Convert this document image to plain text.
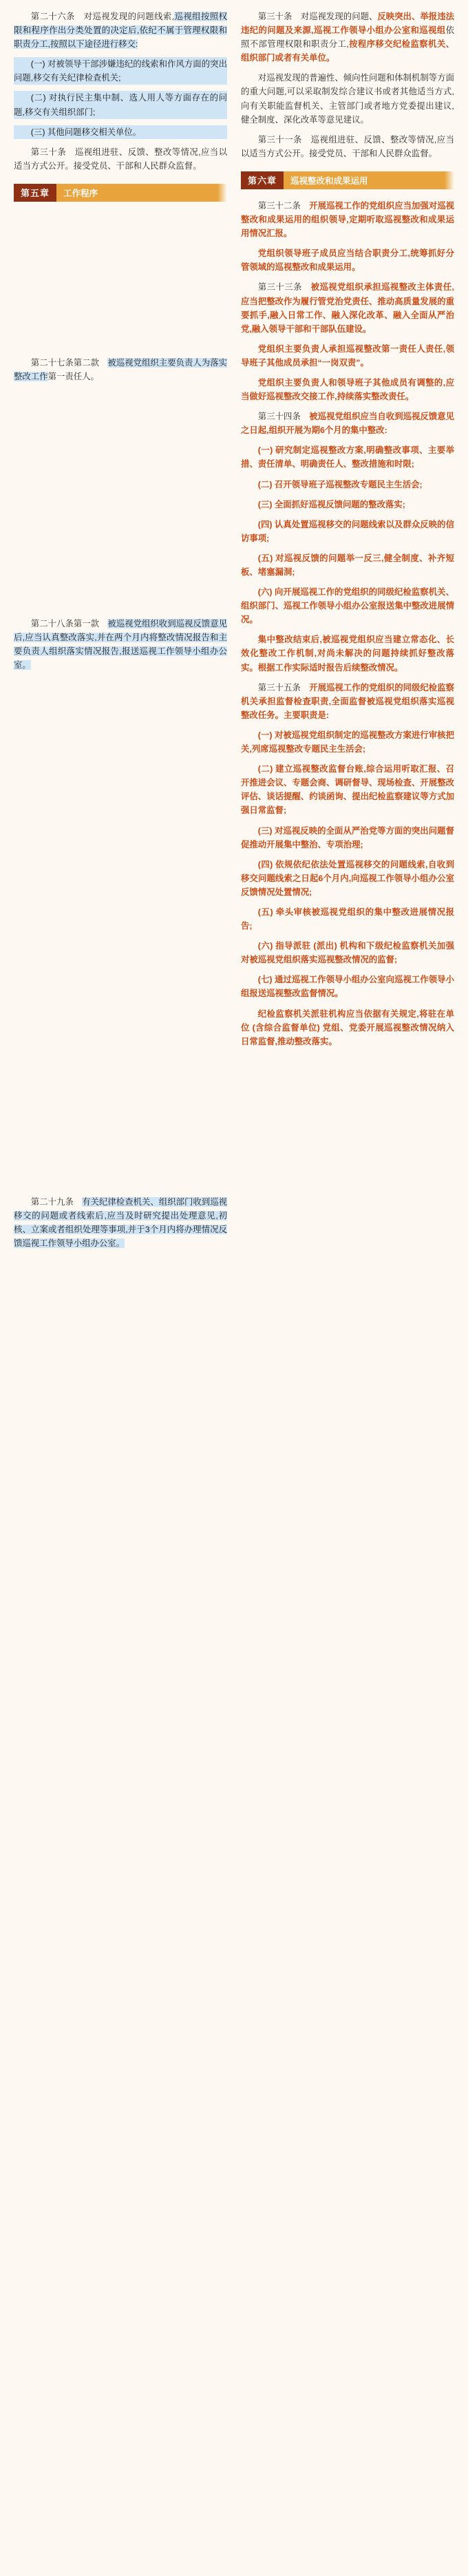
第二十六条　对巡视发现的问题线索,巡视组按照权限和程序作出分类处置的决定后,依纪不属于管理权限和职责分工,按照以下途径进行移交:

(一) 对被领导干部涉嫌违纪的线索和作风方面的突出问题,移交有关纪律检查机关;

(二) 对执行民主集中制、选人用人等方面存在的问题,移交有关组织部门;

(三) 其他问题移交相关单位。

第三十条　巡视组进驻、反馈、整改等情况,应当以适当方式公开。接受党员、干部和人民群众监督。

第五章	工作程序

第二十七条第二款　被巡视党组织主要负责人为落实整改工作第一责任人。

第二十八条第一款　被巡视党组织收到巡视反馈意见后,应当认真整改落实,并在两个月内将整改情况报告和主要负责人组织落实情况报告,报送巡视工作领导小组办公室。

第二十九条　有关纪律检查机关、组织部门收到巡视移交的问题或者线索后,应当及时研究提出处理意见,初核、立案或者组织处理等事项,并于3个月内将办理情况反馈巡视工作领导小组办公室。

第三十条　对巡视发现的问题、反映突出、举报违法违纪的问题及来源,巡视工作领导小组办公室和巡视组依照不部管理权限和职责分工,按程序移交纪检监察机关、组织部门或者有关单位。

对巡视发现的普遍性、倾向性问题和体制机制等方面的重大问题,可以采取制发综合建议书或者其他适当方式,向有关职能监督机关、主管部门或者地方党委提出建议,健全制度、深化改革等意见建议。

第三十一条　巡视组进驻、反馈、整改等情况,应当以适当方式公开。接受党员、干部和人民群众监督。

第六章	巡视整改和成果运用

第三十二条　开展巡视工作的党组织应当加强对巡视整改和成果运用的组织领导,定期听取巡视整改和成果运用情况汇报。

党组织领导班子成员应当结合职责分工,统筹抓好分管领域的巡视整改和成果运用。

第三十三条　被巡视党组织承担巡视整改主体责任,应当把整改作为履行管党治党责任、推动高质量发展的重要抓手,融入日常工作、融入深化改革、融入全面从严治党,融入领导干部和干部队伍建设。

党组织主要负责人承担巡视整改第一责任人责任,领导班子其他成员承担“一岗双责”。

党组织主要负责人和领导班子其他成员有调整的,应当做好巡视整改交接工作,持续落实整改责任。

第三十四条　被巡视党组织应当自收到巡视反馈意见之日起,组织开展为期6个月的集中整改:

(一) 研究制定巡视整改方案,明确整改事项、主要举措、责任清单、明确责任人、整改措施和时限;

(二) 召开领导班子巡视整改专题民主生活会;

(三) 全面抓好巡视反馈问题的整改落实;

(四) 认真处置巡视移交的问题线索以及群众反映的信访事项;

(五) 对巡视反馈的问题举一反三,健全制度、补齐短板、堵塞漏洞;

(六) 向开展巡视工作的党组织的同级纪检监察机关、组织部门、巡视工作领导小组办公室报送集中整改进展情况。

集中整改结束后,被巡视党组织应当建立常态化、长效化整改工作机制,对尚未解决的问题持续抓好整改落实。根据工作实际适时报告后续整改情况。

第三十五条　开展巡视工作的党组织的同级纪检监察机关承担监督检查职责,全面监督被巡视党组织落实巡视整改任务。主要职责是:

(一) 对被巡视党组织制定的巡视整改方案进行审核把关,列席巡视整改专题民主生活会;

(二) 建立巡视整改监督台账,综合运用听取汇报、召开推进会议、专题会商、调研督导、现场检查、开展整改评估、谈话提醒、约谈函询、提出纪检监察建议等方式加强日常监督;

(三) 对巡视反映的全面从严治党等方面的突出问题督促推动开展集中整治、专项治理;

(四) 依规依纪依法处置巡视移交的问题线索,自收到移交问题线索之日起6个月内,向巡视工作领导小组办公室反馈情况处置情况;

(五) 牵头审核被巡视党组织的集中整改进展情况报告;

(六) 指导派驻 (派出) 机构和下级纪检监察机关加强对被巡视党组织落实巡视整改情况的监督;

(七) 通过巡视工作领导小组办公室向巡视工作领导小组报送巡视整改监督情况。

纪检监察机关派驻机构应当依据有关规定,将驻在单位 (含综合监督单位) 党组、党委开展巡视整改情况纳入日常监督,推动整改落实。
